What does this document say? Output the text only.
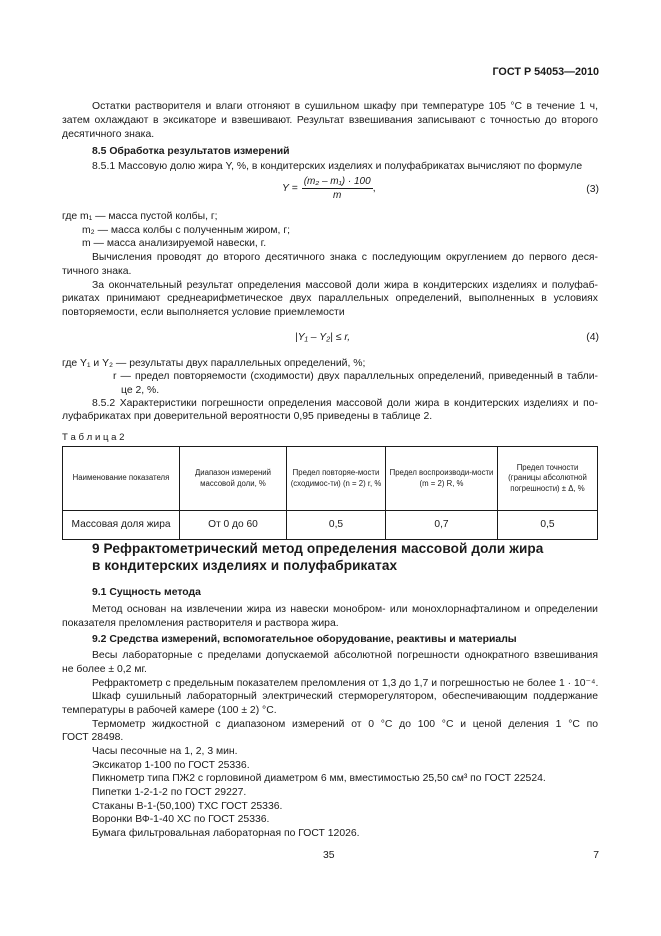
ГОСТ Р 54053—2010
Остатки растворителя и влаги отгоняют в сушильном шкафу при температуре 105 °С в течение 1 ч,
затем охлаждают в эксикаторе и взвешивают. Результат взвешивания записывают с точностью до второго
десятичного знака.
8.5 Обработка результатов измерений
8.5.1 Массовую долю жира Y, %, в кондитерских изделиях и полуфабрикатах вычисляют по формуле
$Y = \frac{\text{(m₂ – m₁) · 100}}{m}$ ,	(3)
где m₁ — масса пустой колбы, г;
m₂ — масса колбы с полученным жиром, г;
m — масса анализируемой навески, г.
Вычисления проводят до второго десятичного знака с последующим округлением до первого деся-
тичного знака.
За окончательный результат определения массовой доли жира в кондитерских изделиях и полуфаб-
рикатах принимают среднеарифметическое двух параллельных определений, выполненных в условиях
повторяемости, если выполняется условие приемлемости
|Y₁ – Y₂| ≤ r,	(4)
где Y₁ и Y₂ — результаты двух параллельных определений, %;
r — предел повторяемости (сходимости) двух параллельных определений, приведенный в табли-
це 2, %.
8.5.2 Характеристики погрешности определения массовой доли жира в кондитерских изделиях и по-
луфабрикатах при доверительной вероятности 0,95 приведены в таблице 2.
Т а б л и ц а 2
Наименование показателя	Диапазон измерений массовой доли, %	Предел повторяе-мости (сходимос-ти) (n = 2) r, %	Предел воспроизводи-мости (m = 2) R, %	Предел точности (границы абсолютной погрешности) ± Δ, %
Массовая доля жира	От 0 до 60	0,5	0,7	0,5
9 Рефрактометрический метод определения массовой доли жира
в кондитерских изделиях и полуфабрикатах
9.1 Сущность метода
Метод основан на извлечении жира из навески монобром- или монохлорнафталином и определении
показателя преломления растворителя и раствора жира.
9.2 Средства измерений, вспомогательное оборудование, реактивы и материалы
Весы лабораторные с пределами допускаемой абсолютной погрешности однократного взвешивания
не более ± 0,2 мг.
Рефрактометр с предельным показателем преломления от 1,3 до 1,7 и погрешностью не более 1 · 10⁻⁴.
Шкаф сушильный лабораторный электрический стерморегулятором, обеспечивающим поддержание
температуры в рабочей камере (100 ± 2) °С.
Термометр жидкостной с диапазоном измерений от 0 °С до 100 °С и ценой деления 1 °С по
ГОСТ 28498.
Часы песочные на 1, 2, 3 мин.
Эксикатор 1-100 по ГОСТ 25336.
Пикнометр типа ПЖ2 с горловиной диаметром 6 мм, вместимостью 25,50 см³ по ГОСТ 22524.
Пипетки 1-2-1-2 по ГОСТ 29227.
Стаканы В-1-(50,100) ТХС ГОСТ 25336.
Воронки ВФ-1-40 ХС по ГОСТ 25336.
Бумага фильтровальная лабораторная по ГОСТ 12026.
35	7
